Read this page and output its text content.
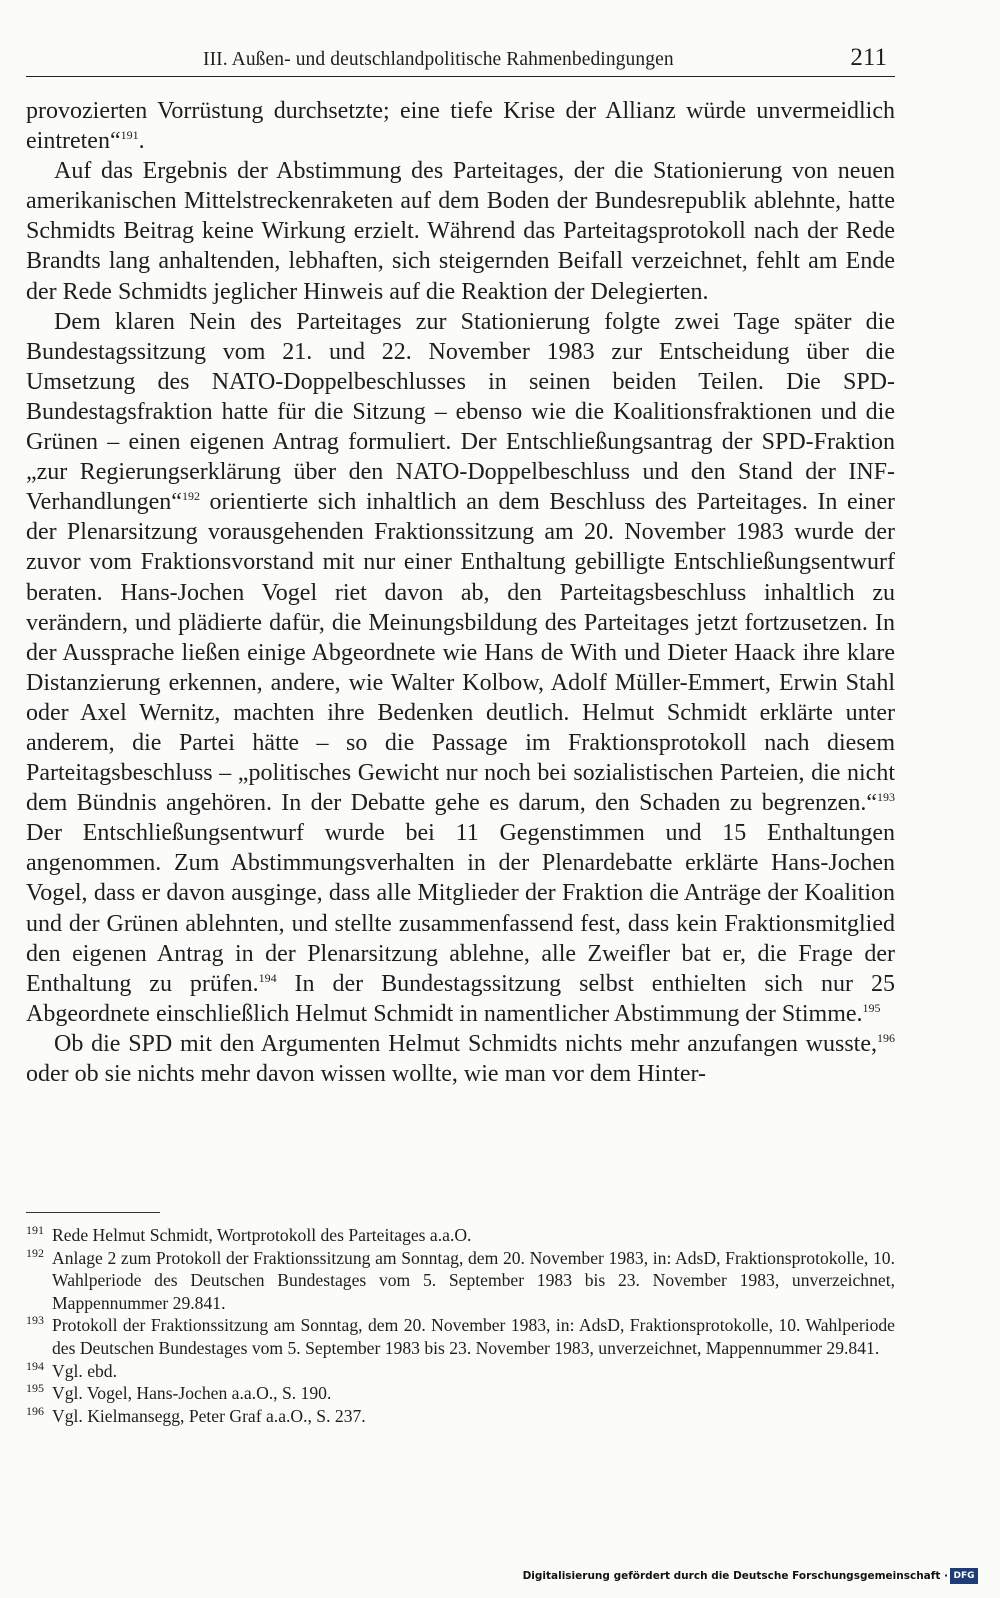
III. Außen- und deutschlandpolitische Rahmenbedingungen	211

provozierten Vorrüstung durchsetzte; eine tiefe Krise der Allianz würde unvermeidlich eintreten“$^{191}$.

Auf das Ergebnis der Abstimmung des Parteitages, der die Stationierung von neuen amerikanischen Mittelstreckenraketen auf dem Boden der Bundesrepublik ablehnte, hatte Schmidts Beitrag keine Wirkung erzielt. Während das Parteitagsprotokoll nach der Rede Brandts lang anhaltenden, lebhaften, sich steigernden Beifall verzeichnet, fehlt am Ende der Rede Schmidts jeglicher Hinweis auf die Reaktion der Delegierten.

Dem klaren Nein des Parteitages zur Stationierung folgte zwei Tage später die Bundestagssitzung vom 21. und 22. November 1983 zur Entscheidung über die Umsetzung des NATO-Doppelbeschlusses in seinen beiden Teilen. Die SPD-Bundestagsfraktion hatte für die Sitzung – ebenso wie die Koalitionsfraktionen und die Grünen – einen eigenen Antrag formuliert. Der Entschließungsantrag der SPD-Fraktion „zur Regierungserklärung über den NATO-Doppelbeschluss und den Stand der INF-Verhandlungen“$^{192}$ orientierte sich inhaltlich an dem Beschluss des Parteitages. In einer der Plenarsitzung vorausgehenden Fraktionssitzung am 20. November 1983 wurde der zuvor vom Fraktionsvorstand mit nur einer Enthaltung gebilligte Entschließungsentwurf beraten. Hans-Jochen Vogel riet davon ab, den Parteitagsbeschluss inhaltlich zu verändern, und plädierte dafür, die Meinungsbildung des Parteitages jetzt fortzusetzen. In der Aussprache ließen einige Abgeordnete wie Hans de With und Dieter Haack ihre klare Distanzierung erkennen, andere, wie Walter Kolbow, Adolf Müller-Emmert, Erwin Stahl oder Axel Wernitz, machten ihre Bedenken deutlich. Helmut Schmidt erklärte unter anderem, die Partei hätte – so die Passage im Fraktionsprotokoll nach diesem Parteitagsbeschluss – „politisches Gewicht nur noch bei sozialistischen Parteien, die nicht dem Bündnis angehören. In der Debatte gehe es darum, den Schaden zu begrenzen.“$^{193}$ Der Entschließungsentwurf wurde bei 11 Gegenstimmen und 15 Enthaltungen angenommen. Zum Abstimmungsverhalten in der Plenardebatte erklärte Hans-Jochen Vogel, dass er davon ausginge, dass alle Mitglieder der Fraktion die Anträge der Koalition und der Grünen ablehnten, und stellte zusammenfassend fest, dass kein Fraktionsmitglied den eigenen Antrag in der Plenarsitzung ablehne, alle Zweifler bat er, die Frage der Enthaltung zu prüfen.$^{194}$ In der Bundestagssitzung selbst enthielten sich nur 25 Abgeordnete einschließlich Helmut Schmidt in namentlicher Abstimmung der Stimme.$^{195}$

Ob die SPD mit den Argumenten Helmut Schmidts nichts mehr anzufangen wusste,$^{196}$ oder ob sie nichts mehr davon wissen wollte, wie man vor dem Hinter-

191 Rede Helmut Schmidt, Wortprotokoll des Parteitages a.a.O.
192 Anlage 2 zum Protokoll der Fraktionssitzung am Sonntag, dem 20. November 1983, in: AdsD, Fraktionsprotokolle, 10. Wahlperiode des Deutschen Bundestages vom 5. September 1983 bis 23. November 1983, unverzeichnet, Mappennummer 29.841.
193 Protokoll der Fraktionssitzung am Sonntag, dem 20. November 1983, in: AdsD, Fraktionsprotokolle, 10. Wahlperiode des Deutschen Bundestages vom 5. September 1983 bis 23. November 1983, unverzeichnet, Mappennummer 29.841.
194 Vgl. ebd.
195 Vgl. Vogel, Hans-Jochen a.a.O., S. 190.
196 Vgl. Kielmansegg, Peter Graf a.a.O., S. 237.
Digitalisierung gefördert durch die Deutsche Forschungsgemeinschaft · DFG
